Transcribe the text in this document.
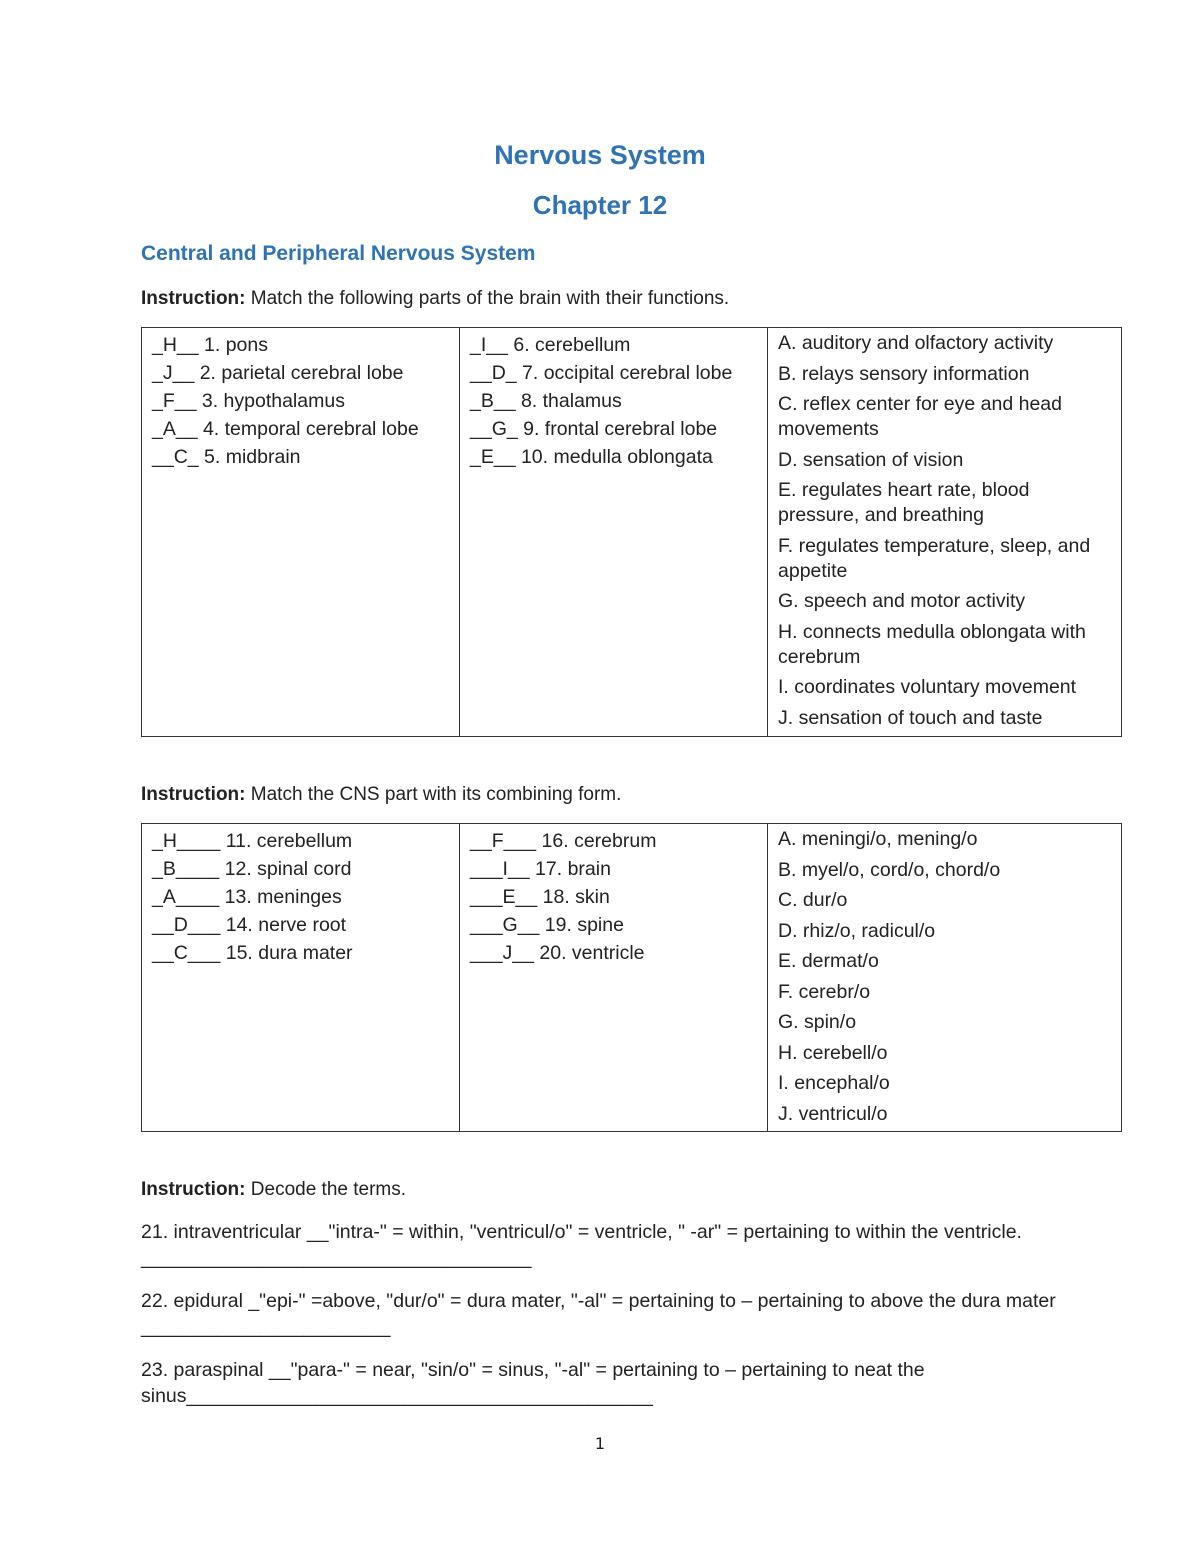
Nervous System
Chapter 12
Central and Peripheral Nervous System

Instruction: Match the following parts of the brain with their functions.

_H__ 1. pons
_J__ 2. parietal cerebral lobe
_F__ 3. hypothalamus
_A__ 4. temporal cerebral lobe
__C_ 5. midbrain

_I__ 6. cerebellum
__D_ 7. occipital cerebral lobe
_B__ 8. thalamus
__G_ 9. frontal cerebral lobe
_E__ 10. medulla oblongata

A. auditory and olfactory activity
B. relays sensory information
C. reflex center for eye and head movements
D. sensation of vision
E. regulates heart rate, blood pressure, and breathing
F. regulates temperature, sleep, and appetite
G. speech and motor activity
H. connects medulla oblongata with cerebrum
I. coordinates voluntary movement
J. sensation of touch and taste

Instruction: Match the CNS part with its combining form.

_H____ 11. cerebellum
_B____ 12. spinal cord
_A____ 13. meninges
__D___ 14. nerve root
__C___ 15. dura mater

__F___ 16. cerebrum
___I__ 17. brain
___E__ 18. skin
___G__ 19. spine
___J__ 20. ventricle

A. meningi/o, mening/o
B. myel/o, cord/o, chord/o
C. dur/o
D. rhiz/o, radicul/o
E. dermat/o
F. cerebr/o
G. spin/o
H. cerebell/o
I. encephal/o
J. ventricul/o

Instruction: Decode the terms.

21. intraventricular __"intra-" = within, "ventricul/o" = ventricle, " -ar" = pertaining to within the ventricle. ____________________________________

22. epidural _"epi-" =above, "dur/o" = dura mater, "-al" = pertaining to – pertaining to above the dura mater _______________________

23. paraspinal __"para-" = near, "sin/o" = sinus, "-al" = pertaining to – pertaining to neat the sinus___________________________________________

1
